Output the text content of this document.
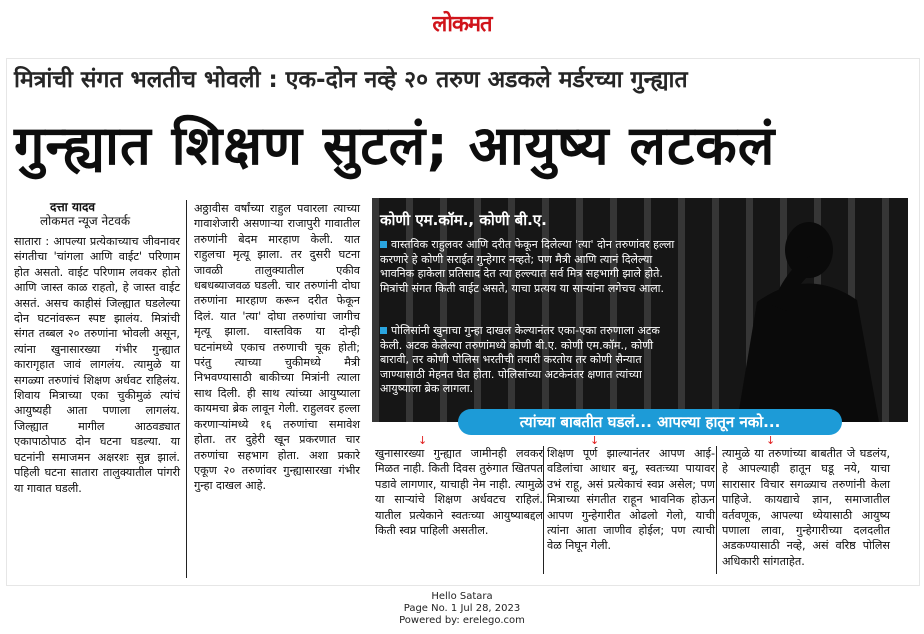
लोकमत
मित्रांची संगत भलतीच भोवली : एक-दोन नव्हे २० तरुण अडकले मर्डरच्या गुन्ह्यात
गुन्ह्यात शिक्षण सुटलं; आयुष्य लटकलं
दत्ता यादव
लोकमत न्यूज नेटवर्क
सातारा : आपल्या प्रत्येकाच्याच जीवनावर संगतीचा 'चांगला आणि वाईट' परिणाम होत असतो. वाईट परिणाम लवकर होतो आणि जास्त काळ राहतो, हे जास्त वाईट असतं. असच काहीसं जिल्ह्यात घडलेल्या दोन घटनांवरून स्पष्ट झालंय. मित्रांची संगत तब्बल २० तरुणांना भोवली असून, त्यांना खुनासारख्या गंभीर गुन्ह्यात कारागृहात जावं लागलंय. त्यामुळे या सगळ्या तरुणांचं शिक्षण अर्धवट राहिलंय. शिवाय मित्राच्या एका चुकीमुळं त्यांचं आयुष्यही आता पणाला लागलंय. जिल्ह्यात मागील आठवड्यात एकापाठोपाठ दोन घटना घडल्या. या घटनांनी समाजमन अक्षरशः सुन्न झालं. पहिली घटना सातारा तालुक्यातील पांगरी या गावात घडली.
अठ्ठावीस वर्षांच्या राहुल पवारला त्याच्या गावाशेजारी असणाऱ्या राजापुरी गावातील तरुणांनी बेदम मारहाण केली. यात राहुलचा मृत्यू झाला. तर दुसरी घटना जावळी तालुक्यातील एकीव धबधब्याजवळ घडली. चार तरुणांनी दोघा तरुणांना मारहाण करून दरीत फेकून दिलं. यात 'त्या' दोघा तरुणांचा जागीच मृत्यू झाला. वास्तविक या दोन्ही घटनांमध्ये एकाच तरुणाची चूक होती; परंतु त्याच्या चुकीमध्ये मैत्री निभवण्यासाठी बाकीच्या मित्रांनी त्याला साथ दिली. ही साथ त्यांच्या आयुष्याला कायमचा ब्रेक लावून गेली. राहुलवर हल्ला करणाऱ्यांमध्ये १६ तरुणांचा समावेश होता. तर दुहेरी खून प्रकरणात चार तरुणांचा सहभाग होता. अशा प्रकारे एकूण २० तरुणांवर गुन्ह्यासारखा गंभीर गुन्हा दाखल आहे.
कोणी एम.कॉम., कोणी बी.ए.
वास्तविक राहुलवर आणि दरीत फेकून दिलेल्या 'त्या' दोन तरुणांवर हल्ला करणारे हे कोणी सराईत गुन्हेगार नव्हते; पण मैत्री आणि त्यानं दिलेल्या भावनिक हाकेला प्रतिसाद देत त्या हल्ल्यात सर्व मित्र सहभागी झाले होते. मित्रांची संगत किती वाईट असते, याचा प्रत्यय या साऱ्यांना लगेचच आला.
पोलिसांनी खुनाचा गुन्हा दाखल केल्यानंतर एका-एका तरुणाला अटक केली. अटक केलेल्या तरुणांमध्ये कोणी बी.ए. कोणी एम.कॉम., कोणी बारावी, तर कोणी पोलिस भरतीची तयारी करतोय तर कोणी सैन्यात जाण्यासाठी मेहनत घेत होता. पोलिसांच्या अटकेनंतर क्षणात त्यांच्या आयुष्याला ब्रेक लागला.
त्यांच्या बाबतीत घडलं... आपल्या हातून नको...
↓	↓	↓
खुनासारख्या गुन्ह्यात जामीनही लवकर मिळत नाही. किती दिवस तुरुंगात खितपत पडावे लागणार, याचाही नेम नाही. त्यामुळे या साऱ्यांचे शिक्षण अर्धवटच राहिलं. यातील प्रत्येकाने स्वतःच्या आयुष्याबद्दल किती स्वप्न पाहिली असतील.
शिक्षण पूर्ण झाल्यानंतर आपण आई-वडिलांचा आधार बनू, स्वतःच्या पायावर उभं राहू, असं प्रत्येकाचं स्वप्न असेल; पण मित्राच्या संगतीत राहून भावनिक होऊन आपण गुन्हेगारीत ओढलो गेलो, याची त्यांना आता जाणीव होईल; पण त्याची वेळ निघून गेली.
त्यामुळे या तरुणांच्या बाबतीत जे घडलंय, हे आपल्याही हातून घडू नये, याचा सारासार विचार सगळ्याच तरुणांनी केला पाहिजे. कायद्याचे ज्ञान, समाजातील वर्तवणूक, आपल्या ध्येयासाठी आयुष्य पणाला लावा, गुन्हेगारीच्या दलदलीत अडकण्यासाठी नव्हे, असं वरिष्ठ पोलिस अधिकारी सांगताहेत.
Hello Satara
Page No. 1 Jul 28, 2023
Powered by: erelego.com
